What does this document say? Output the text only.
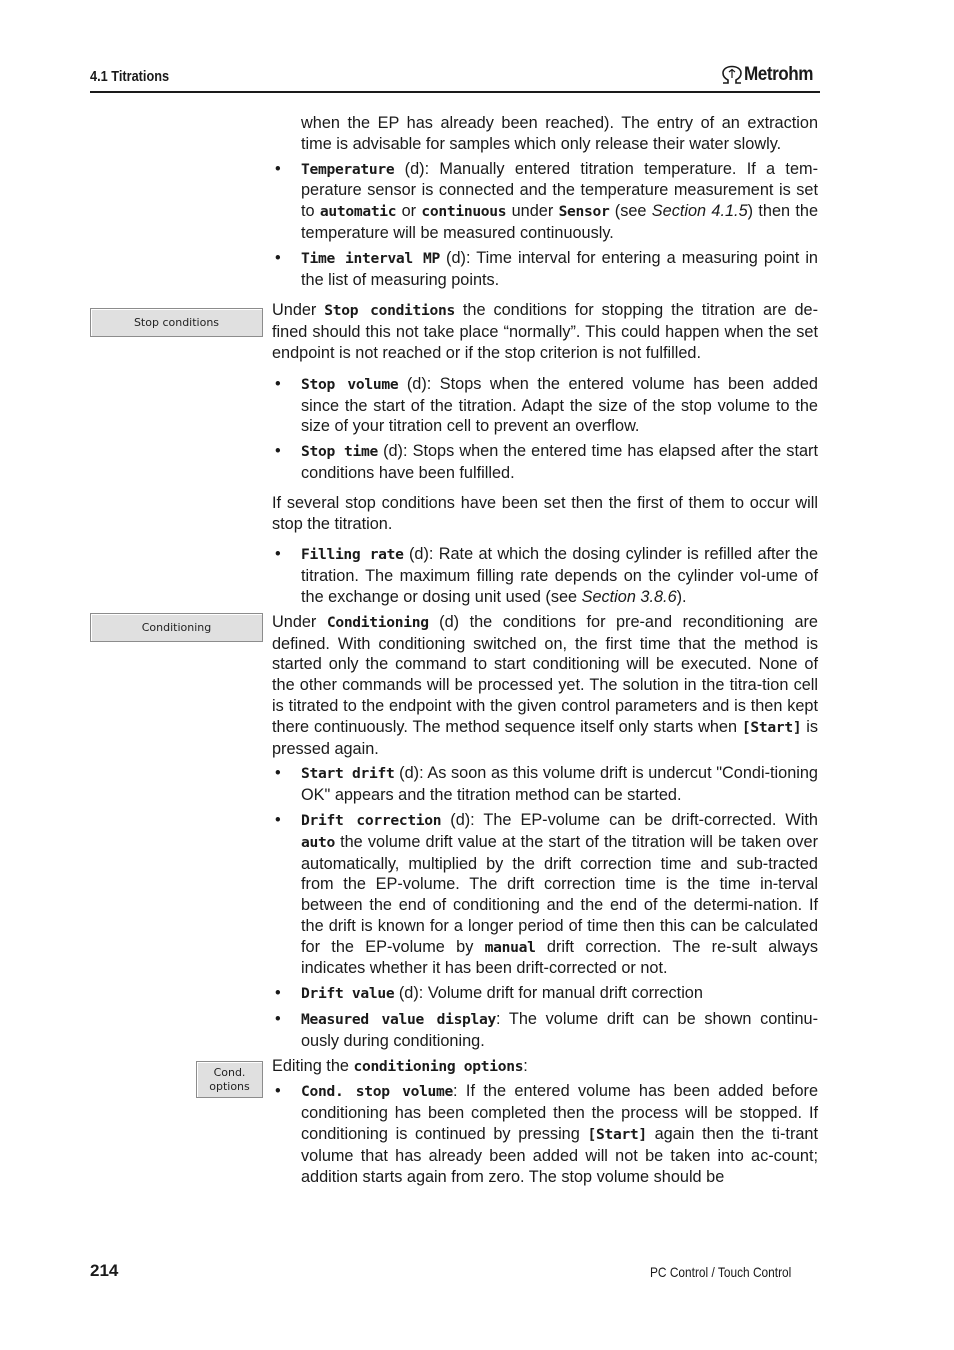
4.1 Titrations	Metrohm
Stop conditions
Conditioning
Cond.
options

when the EP has already been reached). The entry of an extraction time is advisable for samples which only release their water slowly.

• Temperature (d): Manually entered titration temperature. If a tem-perature sensor is connected and the temperature measurement is set to automatic or continuous under Sensor (see Section 4.1.5) then the temperature will be measured continuously.
• Time interval MP (d): Time interval for entering a measuring point in the list of measuring points.

Under Stop conditions the conditions for stopping the titration are de-fined should this not take place “normally”. This could happen when the set endpoint is not reached or if the stop criterion is not fulfilled.

• Stop volume (d): Stops when the entered volume has been added since the start of the titration. Adapt the size of the stop volume to the size of your titration cell to prevent an overflow.
• Stop time (d): Stops when the entered time has elapsed after the start conditions have been fulfilled.

If several stop conditions have been set then the first of them to occur will stop the titration.

• Filling rate (d): Rate at which the dosing cylinder is refilled after the titration. The maximum filling rate depends on the cylinder vol-ume of the exchange or dosing unit used (see Section 3.8.6).

Under Conditioning (d) the conditions for pre-and reconditioning are defined. With conditioning switched on, the first time that the method is started only the command to start conditioning will be executed. None of the other commands will be processed yet. The solution in the titra-tion cell is titrated to the endpoint with the given control parameters and is then kept there continuously. The method sequence itself only starts when [Start] is pressed again.

• Start drift (d): As soon as this volume drift is undercut "Condi-tioning OK" appears and the titration method can be started.
• Drift correction (d): The EP-volume can be drift-corrected. With auto the volume drift value at the start of the titration will be taken over automatically, multiplied by the drift correction time and sub-tracted from the EP-volume. The drift correction time is the time in-terval between the end of conditioning and the end of the determi-nation. If the drift is known for a longer period of time then this can be calculated for the EP-volume by manual drift correction. The re-sult always indicates whether it has been drift-corrected or not.
• Drift value (d): Volume drift for manual drift correction
• Measured value display: The volume drift can be shown continu-ously during conditioning.

Editing the conditioning options:

• Cond. stop volume: If the entered volume has been added before conditioning has been completed then the process will be stopped. If conditioning is continued by pressing [Start] again then the ti-trant volume that has already been added will not be taken into ac-count; addition starts again from zero. The stop volume should be
214	PC Control / Touch Control
